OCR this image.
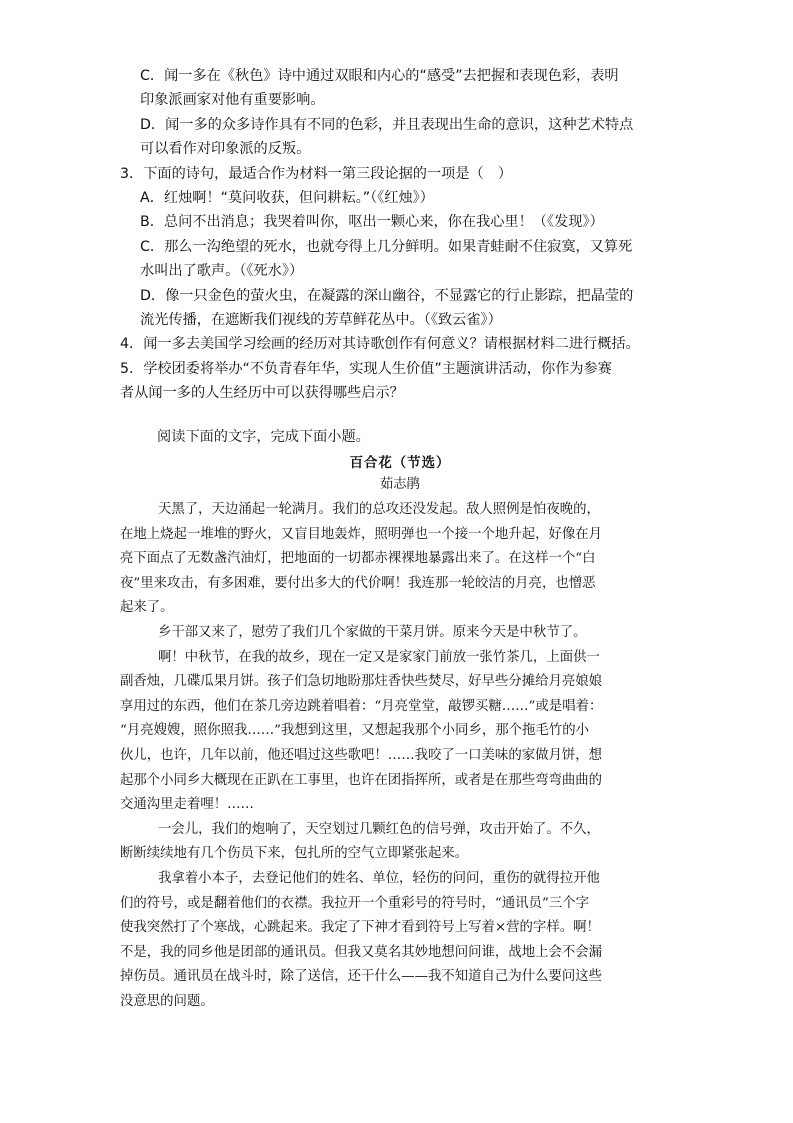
C．闻一多在《秋色》诗中通过双眼和内心的“感受”去把握和表现色彩，表明
印象派画家对他有重要影响。
D．闻一多的众多诗作具有不同的色彩，并且表现出生命的意识，这种艺术特点
可以看作对印象派的反叛。
3．下面的诗句，最适合作为材料一第三段论据的一项是（　）
A．红烛啊！“莫问收获，但问耕耘。”（《红烛》）
B．总问不出消息；我哭着叫你，呕出一颗心来，你在我心里！（《发现》）
C．那么一沟绝望的死水，也就夸得上几分鲜明。如果青蛙耐不住寂寞，又算死
水叫出了歌声。（《死水》）
D．像一只金色的萤火虫，在凝露的深山幽谷，不显露它的行止影踪，把晶莹的
流光传播，在遮断我们视线的芳草鲜花丛中。（《致云雀》）
4．闻一多去美国学习绘画的经历对其诗歌创作有何意义？请根据材料二进行概括。
5．学校团委将举办“不负青春年华，实现人生价值”主题演讲活动，你作为参赛
者从闻一多的人生经历中可以获得哪些启示？
阅读下面的文字，完成下面小题。
百合花（节选）
茹志鹃
天黑了，天边涌起一轮满月。我们的总攻还没发起。敌人照例是怕夜晚的，
在地上烧起一堆堆的野火，又盲目地轰炸，照明弹也一个接一个地升起，好像在月
亮下面点了无数盏汽油灯，把地面的一切都赤裸裸地暴露出来了。在这样一个“白
夜”里来攻击，有多困难，要付出多大的代价啊！我连那一轮皎洁的月亮，也憎恶
起来了。
乡干部又来了，慰劳了我们几个家做的干菜月饼。原来今天是中秋节了。
啊！中秋节，在我的故乡，现在一定又是家家门前放一张竹茶几，上面供一
副香烛，几碟瓜果月饼。孩子们急切地盼那炷香快些焚尽，好早些分摊给月亮娘娘
享用过的东西，他们在茶几旁边跳着唱着：“月亮堂堂，敲锣买糖……”或是唱着：
“月亮嫂嫂，照你照我……”我想到这里，又想起我那个小同乡，那个拖毛竹的小
伙儿，也许，几年以前，他还唱过这些歌吧！……我咬了一口美味的家做月饼，想
起那个小同乡大概现在正趴在工事里，也许在团指挥所，或者是在那些弯弯曲曲的
交通沟里走着哩！……
一会儿，我们的炮响了，天空划过几颗红色的信号弹，攻击开始了。不久，
断断续续地有几个伤员下来，包扎所的空气立即紧张起来。
我拿着小本子，去登记他们的姓名、单位，轻伤的问问，重伤的就得拉开他
们的符号，或是翻着他们的衣襟。我拉开一个重彩号的符号时，“通讯员”三个字
使我突然打了个寒战，心跳起来。我定了下神才看到符号上写着×营的字样。啊！
不是，我的同乡他是团部的通讯员。但我又莫名其妙地想问问谁，战地上会不会漏
掉伤员。通讯员在战斗时，除了送信，还干什么——我不知道自己为什么要问这些
没意思的问题。
